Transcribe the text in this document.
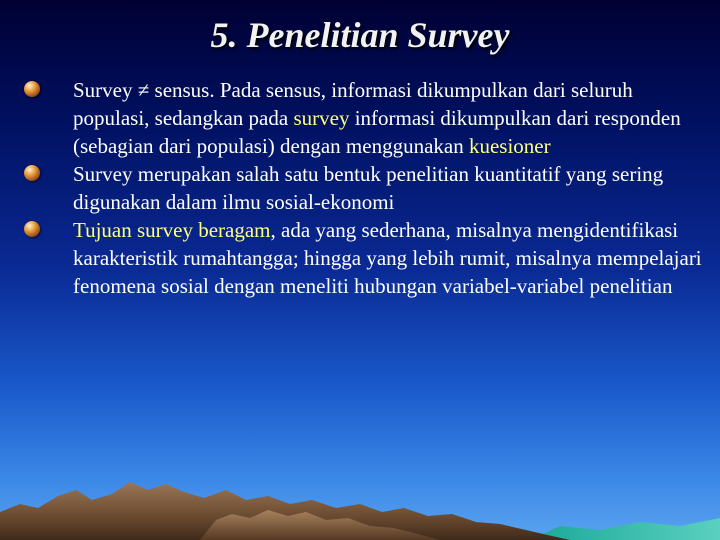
5. Penelitian Survey
Survey ≠ sensus. Pada sensus, informasi dikumpulkan dari seluruh populasi, sedangkan pada survey informasi dikumpulkan dari responden (sebagian dari populasi) dengan menggunakan kuesioner
Survey merupakan salah satu bentuk penelitian kuantitatif yang sering digunakan dalam ilmu sosial-ekonomi
Tujuan survey beragam, ada yang sederhana, misalnya mengidentifikasi karakteristik rumahtangga; hingga yang lebih rumit, misalnya mempelajari fenomena sosial dengan meneliti hubungan variabel-variabel penelitian
